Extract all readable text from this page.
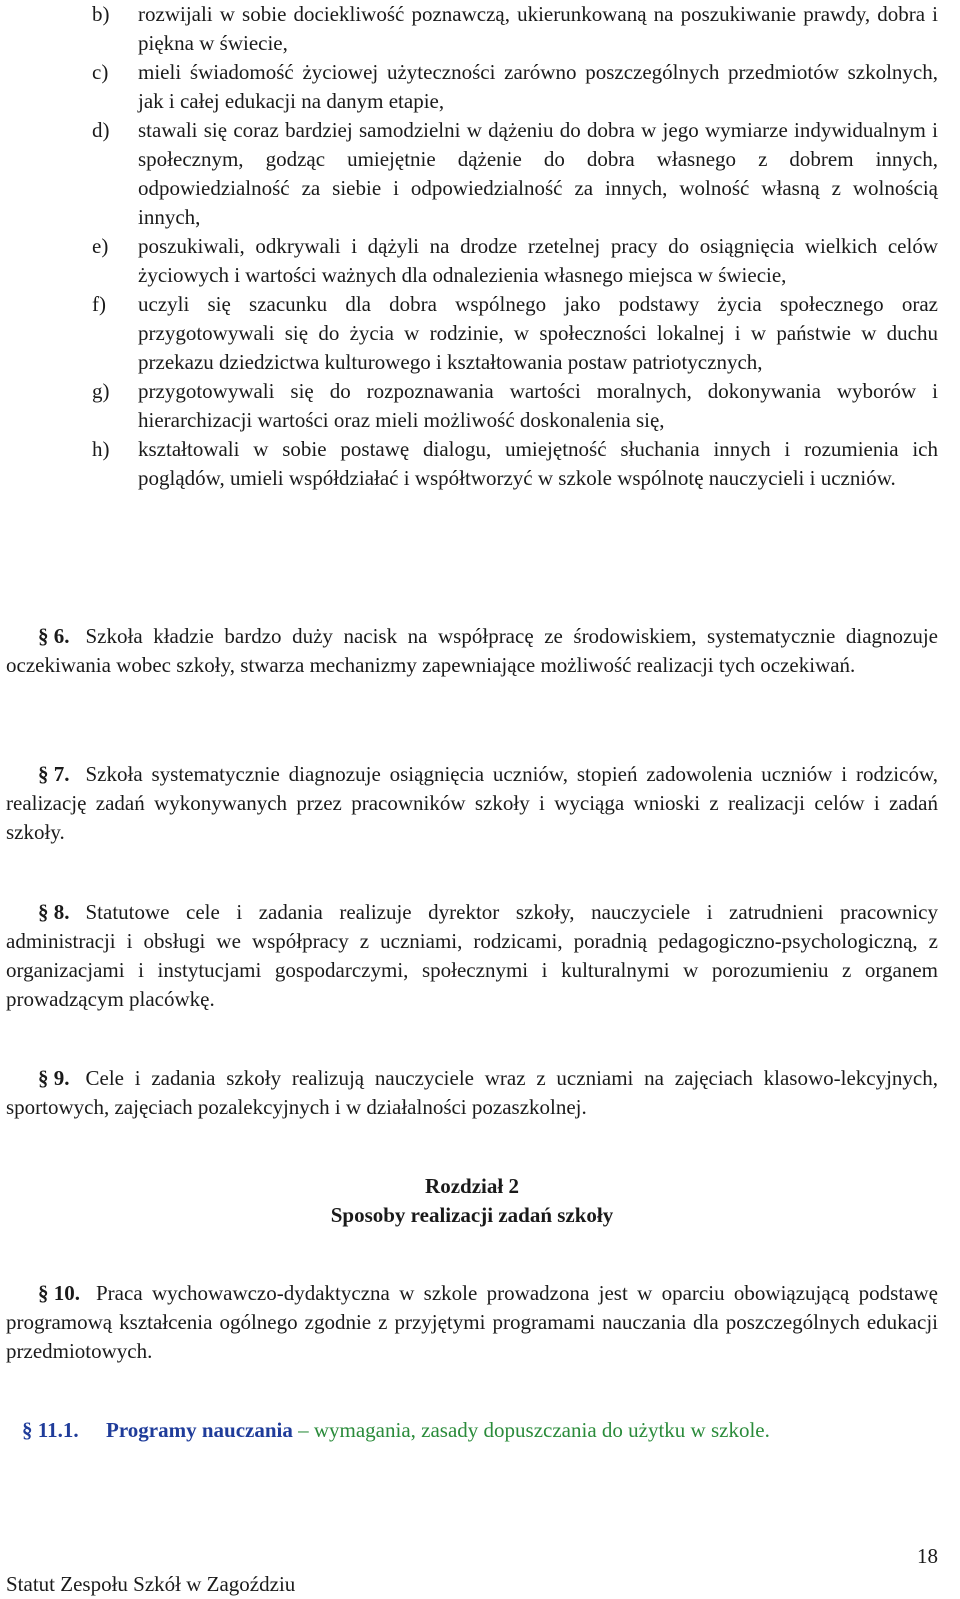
b) rozwijali w sobie dociekliwość poznawczą, ukierunkowaną na poszukiwanie prawdy, dobra i piękna w świecie,
c) mieli świadomość życiowej użyteczności zarówno poszczególnych przedmiotów szkolnych, jak i całej edukacji na danym etapie,
d) stawali się coraz bardziej samodzielni w dążeniu do dobra w jego wymiarze indywidualnym i społecznym, godząc umiejętnie dążenie do dobra własnego z dobrem innych, odpowiedzialność za siebie i odpowiedzialność za innych, wolność własną z wolnością innych,
e) poszukiwali, odkrywali i dążyli na drodze rzetelnej pracy do osiągnięcia wielkich celów życiowych i wartości ważnych dla odnalezienia własnego miejsca w świecie,
f) uczyli się szacunku dla dobra wspólnego jako podstawy życia społecznego oraz przygotowywali się do życia w rodzinie, w społeczności lokalnej i w państwie w duchu przekazu dziedzictwa kulturowego i kształtowania postaw patriotycznych,
g) przygotowywali się do rozpoznawania wartości moralnych, dokonywania wyborów i hierarchizacji wartości oraz mieli możliwość doskonalenia się,
h) kształtowali w sobie postawę dialogu, umiejętność słuchania innych i rozumienia ich poglądów, umieli współdziałać i współtworzyć w szkole wspólnotę nauczycieli i uczniów.
§ 6. Szkoła kładzie bardzo duży nacisk na współpracę ze środowiskiem, systematycznie diagnozuje oczekiwania wobec szkoły, stwarza mechanizmy zapewniające możliwość realizacji tych oczekiwań.
§ 7. Szkoła systematycznie diagnozuje osiągnięcia uczniów, stopień zadowolenia uczniów i rodziców, realizację zadań wykonywanych przez pracowników szkoły i wyciąga wnioski z realizacji celów i zadań szkoły.
§ 8. Statutowe cele i zadania realizuje dyrektor szkoły, nauczyciele i zatrudnieni pracownicy administracji i obsługi we współpracy z uczniami, rodzicami, poradnią pedagogiczno-psychologiczną, z organizacjami i instytucjami gospodarczymi, społecznymi i kulturalnymi w porozumieniu z organem prowadzącym placówkę.
§ 9. Cele i zadania szkoły realizują nauczyciele wraz z uczniami na zajęciach klasowo-lekcyjnych, sportowych, zajęciach pozalekcyjnych i w działalności pozaszkolnej.
Rozdział 2
Sposoby realizacji zadań szkoły
§ 10. Praca wychowawczo-dydaktyczna w szkole prowadzona jest w oparciu obowiązującą podstawę programową kształcenia ogólnego zgodnie z przyjętymi programami nauczania dla poszczególnych edukacji przedmiotowych.
§ 11.1. Programy nauczania – wymagania, zasady dopuszczania do użytku w szkole.
18
Statut Zespołu Szkół w Zagoździu
